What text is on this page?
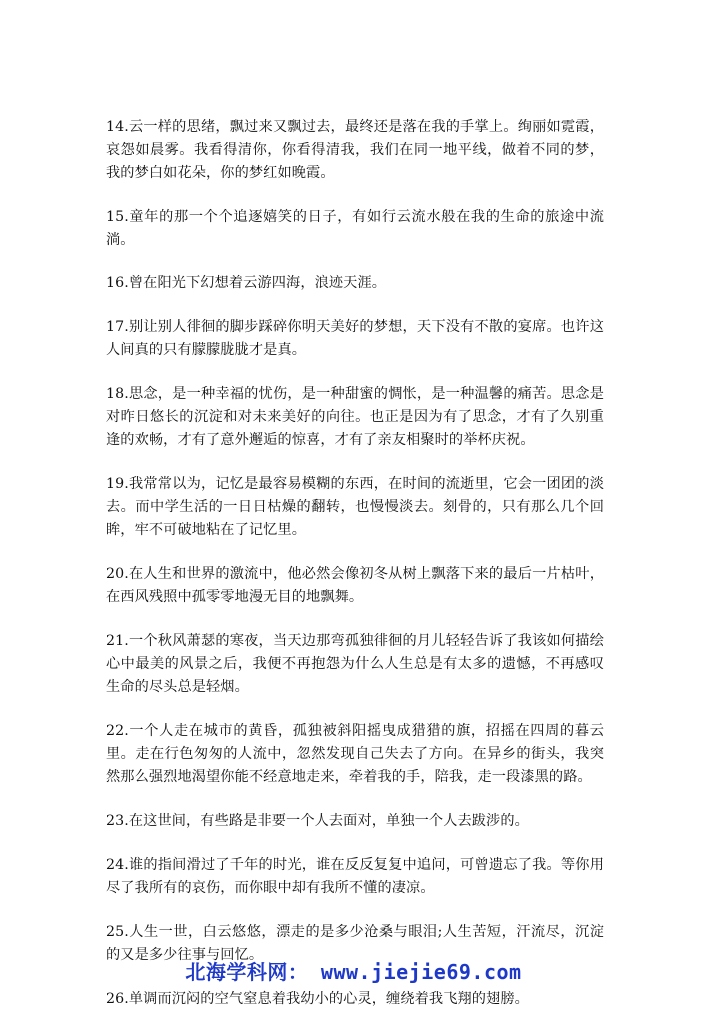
14.云一样的思绪，飘过来又飘过去，最终还是落在我的手掌上。绚丽如霓霞，哀怨如晨雾。我看得清你，你看得清我，我们在同一地平线，做着不同的梦，我的梦白如花朵，你的梦红如晚霞。

15.童年的那一个个追逐嬉笑的日子，有如行云流水般在我的生命的旅途中流淌。

16.曾在阳光下幻想着云游四海，浪迹天涯。

17.别让别人徘徊的脚步踩碎你明天美好的梦想，天下没有不散的宴席。也许这人间真的只有朦朦胧胧才是真。

18.思念，是一种幸福的忧伤，是一种甜蜜的惆怅，是一种温馨的痛苦。思念是对昨日悠长的沉淀和对未来美好的向往。也正是因为有了思念，才有了久别重逢的欢畅，才有了意外邂逅的惊喜，才有了亲友相聚时的举杯庆祝。

19.我常常以为，记忆是最容易模糊的东西，在时间的流逝里，它会一团团的淡去。而中学生活的一日日枯燥的翻转，也慢慢淡去。刻骨的，只有那么几个回眸，牢不可破地粘在了记忆里。

20.在人生和世界的激流中，他必然会像初冬从树上飘落下来的最后一片枯叶，在西风残照中孤零零地漫无目的地飘舞。

21.一个秋风萧瑟的寒夜，当天边那弯孤独徘徊的月儿轻轻告诉了我该如何描绘心中最美的风景之后，我便不再抱怨为什么人生总是有太多的遗憾，不再感叹生命的尽头总是轻烟。

22.一个人走在城市的黄昏，孤独被斜阳摇曳成猎猎的旗，招摇在四周的暮云里。走在行色匆匆的人流中，忽然发现自己失去了方向。在异乡的街头，我突然那么强烈地渴望你能不经意地走来，牵着我的手，陪我，走一段漆黑的路。

23.在这世间，有些路是非要一个人去面对，单独一个人去跋涉的。

24.谁的指间滑过了千年的时光，谁在反反复复中追问，可曾遗忘了我。等你用尽了我所有的哀伤，而你眼中却有我所不懂的凄凉。

25.人生一世，白云悠悠，漂走的是多少沧桑与眼泪;人生苦短，汗流尽，沉淀的又是多少往事与回忆。

26.单调而沉闷的空气窒息着我幼小的心灵，缠绕着我飞翔的翅膀。

北海学科网： www.jiejie69.com
